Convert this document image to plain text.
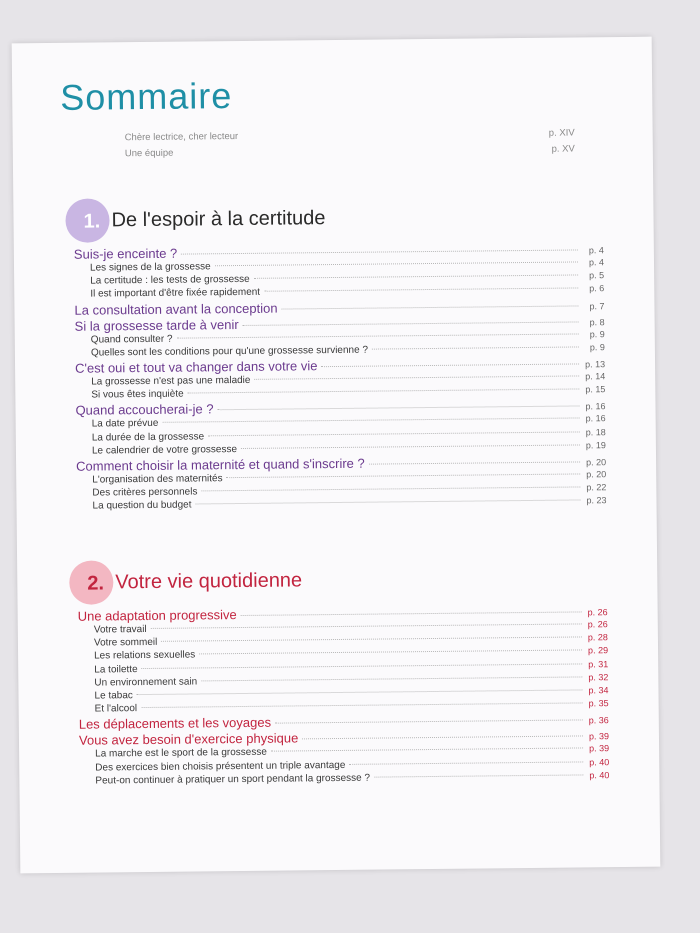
Sommaire
Chère lectrice, cher lecteur	p. XIV
Une équipe	p. XV
1. De l'espoir à la certitude
Suis-je enceinte ?	p. 4
Les signes de la grossesse	p. 4
La certitude : les tests de grossesse	p. 5
Il est important d'être fixée rapidement	p. 6
La consultation avant la conception	p. 7
Si la grossesse tarde à venir	p. 8
Quand consulter ?	p. 9
Quelles sont les conditions pour qu'une grossesse survienne ?	p. 9
C'est oui et tout va changer dans votre vie	p. 13
La grossesse n'est pas une maladie	p. 14
Si vous êtes inquiète	p. 15
Quand accoucherai-je ?	p. 16
La date prévue	p. 16
La durée de la grossesse	p. 18
Le calendrier de votre grossesse	p. 19
Comment choisir la maternité et quand s'inscrire ?	p. 20
L'organisation des maternités	p. 20
Des critères personnels	p. 22
La question du budget	p. 23
2. Votre vie quotidienne
Une adaptation progressive	p. 26
Votre travail	p. 26
Votre sommeil	p. 28
Les relations sexuelles	p. 29
La toilette	p. 31
Un environnement sain	p. 32
Le tabac	p. 34
Et l'alcool	p. 35
Les déplacements et les voyages	p. 36
Vous avez besoin d'exercice physique	p. 39
La marche est le sport de la grossesse	p. 39
Des exercices bien choisis présentent un triple avantage	p. 40
Peut-on continuer à pratiquer un sport pendant la grossesse ?	p. 40
